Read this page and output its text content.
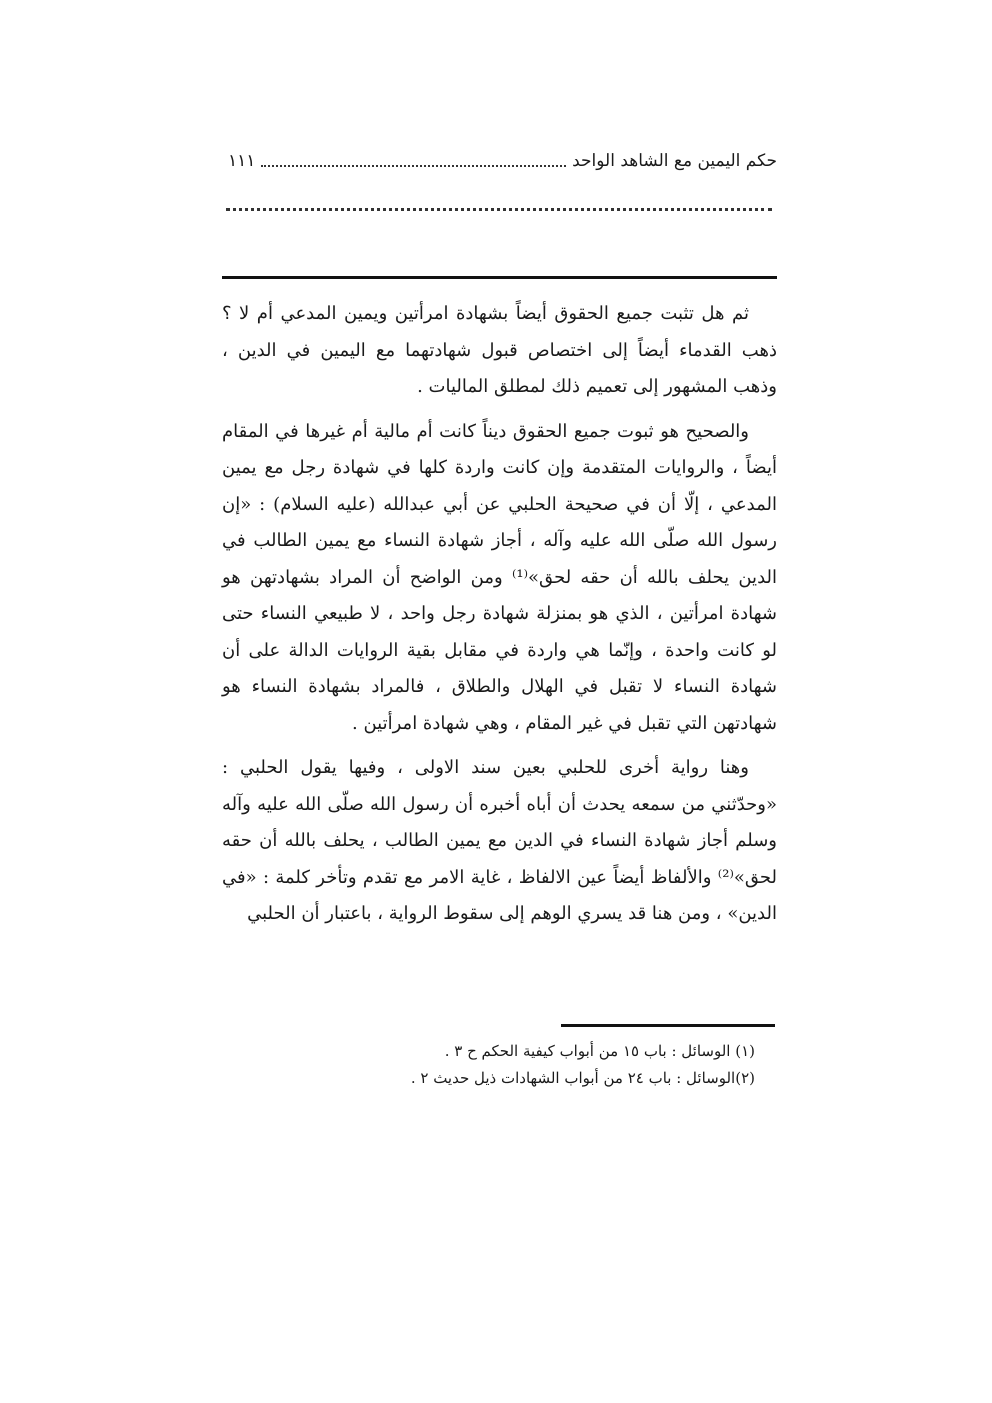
حكم اليمين مع الشاهد الواحد
١١١

ثم هل تثبت جميع الحقوق أيضاً بشهادة امرأتين ويمين المدعي أم لا ؟ ذهب القدماء أيضاً إلى اختصاص قبول شهادتهما مع اليمين في الدين ، وذهب المشهور إلى تعميم ذلك لمطلق الماليات .

والصحيح هو ثبوت جميع الحقوق ديناً كانت أم مالية أم غيرها في المقام أيضاً ، والروايات المتقدمة وإن كانت واردة كلها في شهادة رجل مع يمين المدعي ، إلّا أن في صحيحة الحلبي عن أبي عبدالله (عليه السلام) : «إن رسول الله صلّى الله عليه وآله ، أجاز شهادة النساء مع يمين الطالب في الدين يحلف بالله أن حقه لحق»⁽¹⁾ ومن الواضح أن المراد بشهادتهن هو شهادة امرأتين ، الذي هو بمنزلة شهادة رجل واحد ، لا طبيعي النساء حتى لو كانت واحدة ، وإنّما هي واردة في مقابل بقية الروايات الدالة على أن شهادة النساء لا تقبل في الهلال والطلاق ، فالمراد بشهادة النساء هو شهادتهن التي تقبل في غير المقام ، وهي شهادة امرأتين .

وهنا رواية أخرى للحلبي بعين سند الاولى ، وفيها يقول الحلبي : «وحدّثني من سمعه يحدث أن أباه أخبره أن رسول الله صلّى الله عليه وآله وسلم أجاز شهادة النساء في الدين مع يمين الطالب ، يحلف بالله أن حقه لحق»⁽²⁾ والألفاظ أيضاً عين الالفاظ ، غاية الامر مع تقدم وتأخر كلمة : «في الدين» ، ومن هنا قد يسري الوهم إلى سقوط الرواية ، باعتبار أن الحلبي

(١) الوسائل : باب ١٥ من أبواب كيفية الحكم ح ٣ .

(٢)الوسائل : باب ٢٤ من أبواب الشهادات ذيل حديث ٢ .
